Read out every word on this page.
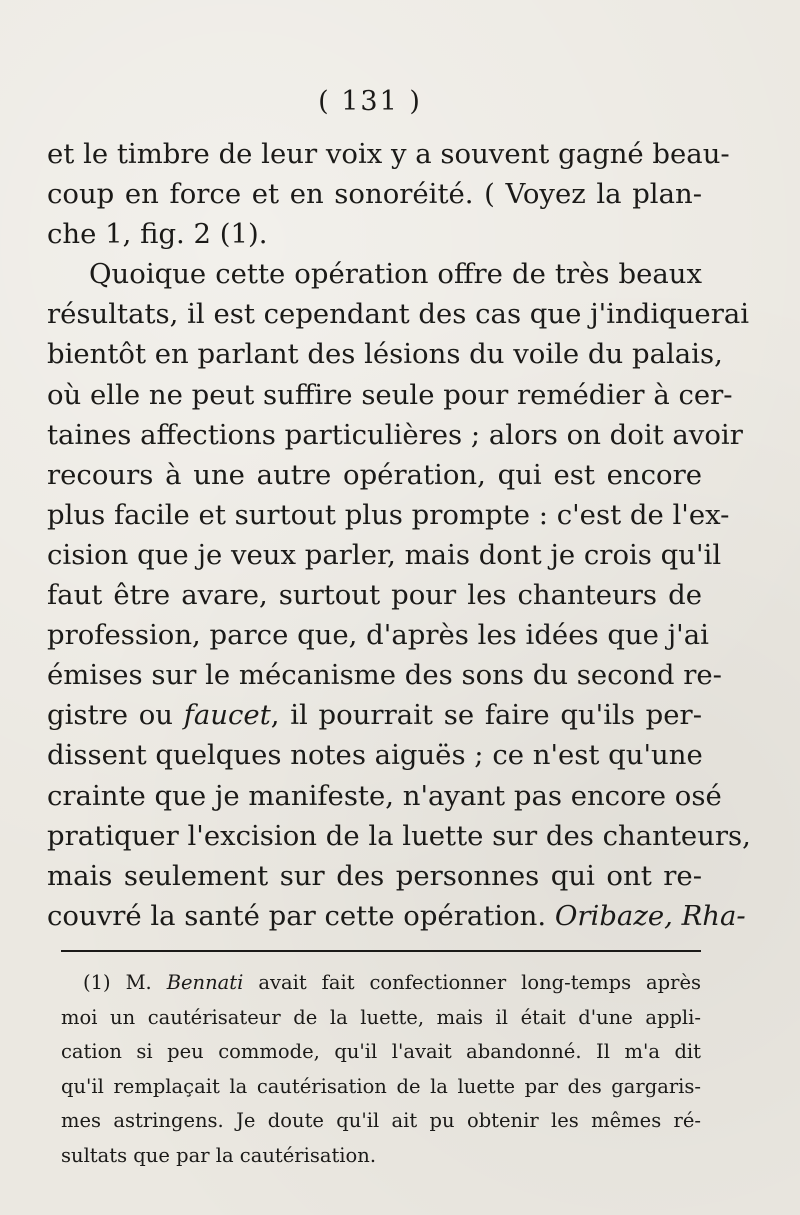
( 131 )
et le timbre de leur voix y a souvent gagné beau-
coup en force et en sonoréité. ( Voyez la plan-
che 1, fig. 2 (1).
Quoique cette opération offre de très beaux
résultats, il est cependant des cas que j'indiquerai
bientôt en parlant des lésions du voile du palais,
où elle ne peut suffire seule pour remédier à cer-
taines affections particulières ; alors on doit avoir
recours à une autre opération, qui est encore
plus facile et surtout plus prompte : c'est de l'ex-
cision que je veux parler, mais dont je crois qu'il
faut être avare, surtout pour les chanteurs de
profession, parce que, d'après les idées que j'ai
émises sur le mécanisme des sons du second re-
gistre ou faucet, il pourrait se faire qu'ils per-
dissent quelques notes aiguës ; ce n'est qu'une
crainte que je manifeste, n'ayant pas encore osé
pratiquer l'excision de la luette sur des chanteurs,
mais seulement sur des personnes qui ont re-
couvré la santé par cette opération. Oribaze, Rha-
(1) M. Bennati avait fait confectionner long-temps après
moi un cautérisateur de la luette, mais il était d'une appli-
cation si peu commode, qu'il l'avait abandonné. Il m'a dit
qu'il remplaçait la cautérisation de la luette par des gargaris-
mes astringens. Je doute qu'il ait pu obtenir les mêmes ré-
sultats que par la cautérisation.
